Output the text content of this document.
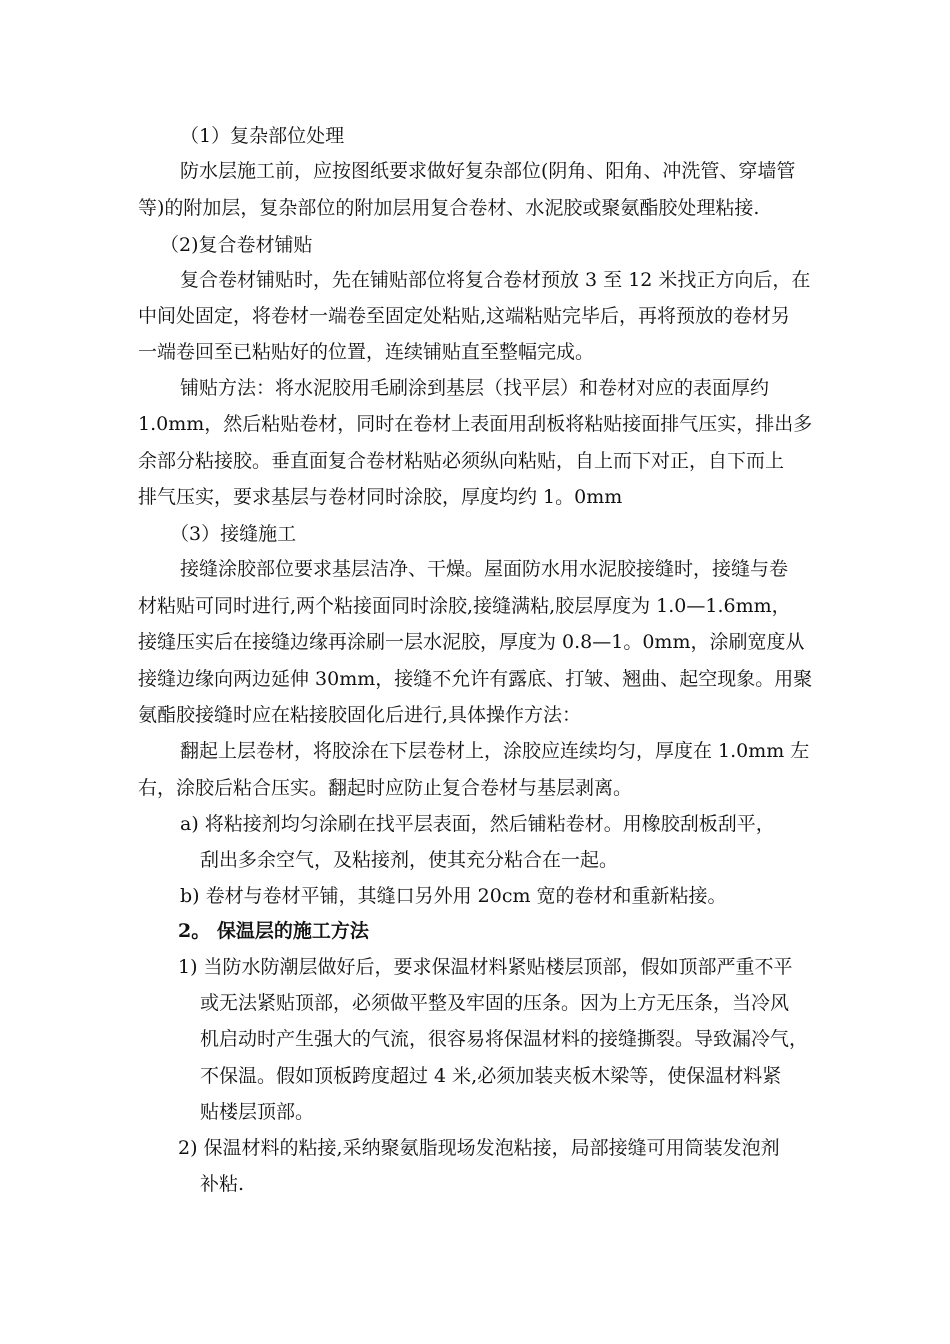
（1）复杂部位处理
防水层施工前，应按图纸要求做好复杂部位(阴角、阳角、冲洗管、穿墙管
等)的附加层，复杂部位的附加层用复合卷材、水泥胶或聚氨酯胶处理粘接.
（2)复合卷材铺贴
复合卷材铺贴时，先在铺贴部位将复合卷材预放 3 至 12 米找正方向后，在
中间处固定，将卷材一端卷至固定处粘贴,这端粘贴完毕后，再将预放的卷材另
一端卷回至已粘贴好的位置，连续铺贴直至整幅完成。
铺贴方法：将水泥胶用毛刷涂到基层（找平层）和卷材对应的表面厚约
1.0mm，然后粘贴卷材，同时在卷材上表面用刮板将粘贴接面排气压实，排出多
余部分粘接胶。垂直面复合卷材粘贴必须纵向粘贴，自上而下对正，自下而上
排气压实，要求基层与卷材同时涂胶，厚度均约 1。0mm
（3）接缝施工
接缝涂胶部位要求基层洁净、干燥。屋面防水用水泥胶接缝时，接缝与卷
材粘贴可同时进行,两个粘接面同时涂胶,接缝满粘,胶层厚度为 1.0—1.6mm，
接缝压实后在接缝边缘再涂刷一层水泥胶，厚度为 0.8—1。0mm，涂刷宽度从
接缝边缘向两边延伸 30mm，接缝不允许有露底、打皱、翘曲、起空现象。用聚
氨酯胶接缝时应在粘接胶固化后进行,具体操作方法：
翻起上层卷材，将胶涂在下层卷材上，涂胶应连续均匀，厚度在 1.0mm 左
右，涂胶后粘合压实。翻起时应防止复合卷材与基层剥离。
a) 将粘接剂均匀涂刷在找平层表面，然后铺粘卷材。用橡胶刮板刮平，
刮出多余空气，及粘接剂，使其充分粘合在一起。
b) 卷材与卷材平铺，其缝口另外用 20cm 宽的卷材和重新粘接。
2。 保温层的施工方法
1) 当防水防潮层做好后，要求保温材料紧贴楼层顶部，假如顶部严重不平
或无法紧贴顶部，必须做平整及牢固的压条。因为上方无压条，当冷风
机启动时产生强大的气流，很容易将保温材料的接缝撕裂。导致漏冷气，
不保温。假如顶板跨度超过 4 米,必须加装夹板木梁等，使保温材料紧
贴楼层顶部。
2) 保温材料的粘接,采纳聚氨脂现场发泡粘接，局部接缝可用筒装发泡剂
补粘.
